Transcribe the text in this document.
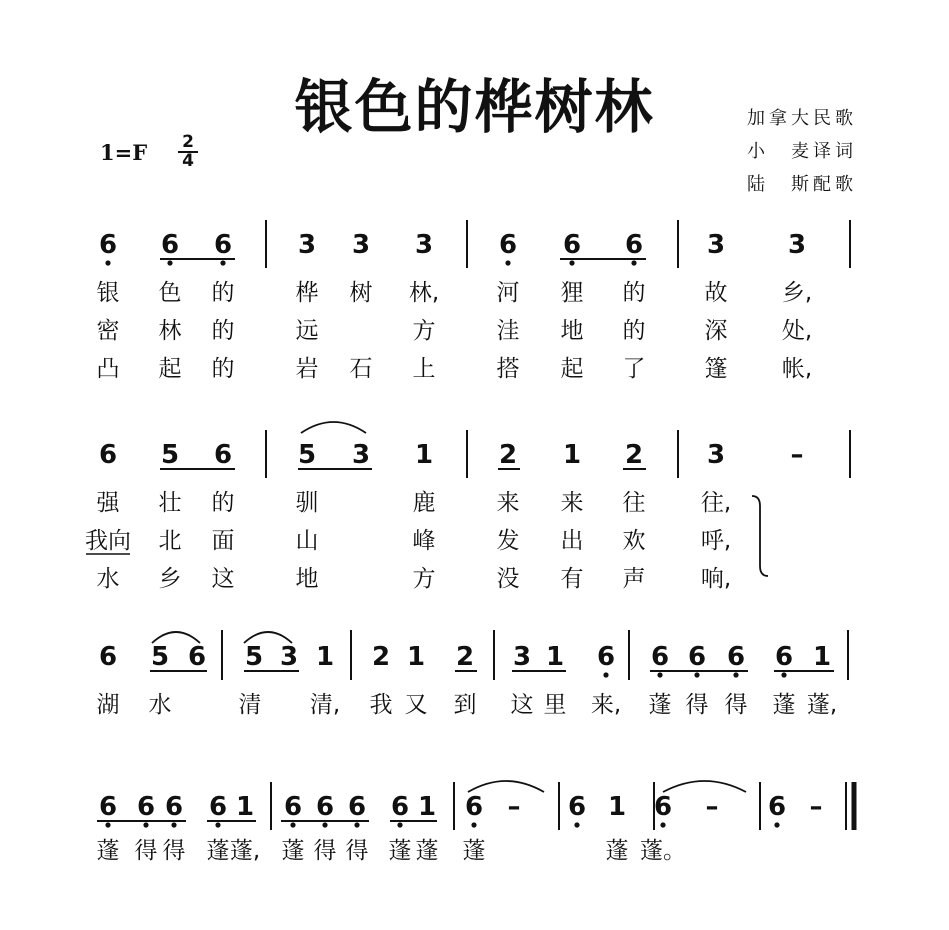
银色的桦树林
1=F 2
4
加拿大民歌
小　麦译词
陆　斯配歌
6 6 6	3 3 3	6 6 6 3 3
银 色 的	桦 树 林, 河 狸 的	故 乡,
密 林 的	远	方	洼 地 的	深 处,
凸 起 的	岩 石 上	搭 起 了	篷 帐,
6 5 6	5 3 1	2 1 2 3	–
强 壮 的	驯	鹿	来 来 往 往,
我向 北 面	山	峰	发 出 欢 呼,
水 乡 这	地	方	没 有 声 响,
6 5 6 5 3 1 2 1 2 3 1 6 6 6 6 6 1
湖 水	清 清, 我 又 到 这 里 来, 蓬 得 得 蓬 蓬,
6 6 6 6 1 6 6 6 6 1 6 – 6 1 6 – 6 –
蓬 得 得 蓬 蓬, 蓬 得 得 蓬 蓬 蓬	蓬 蓬。
